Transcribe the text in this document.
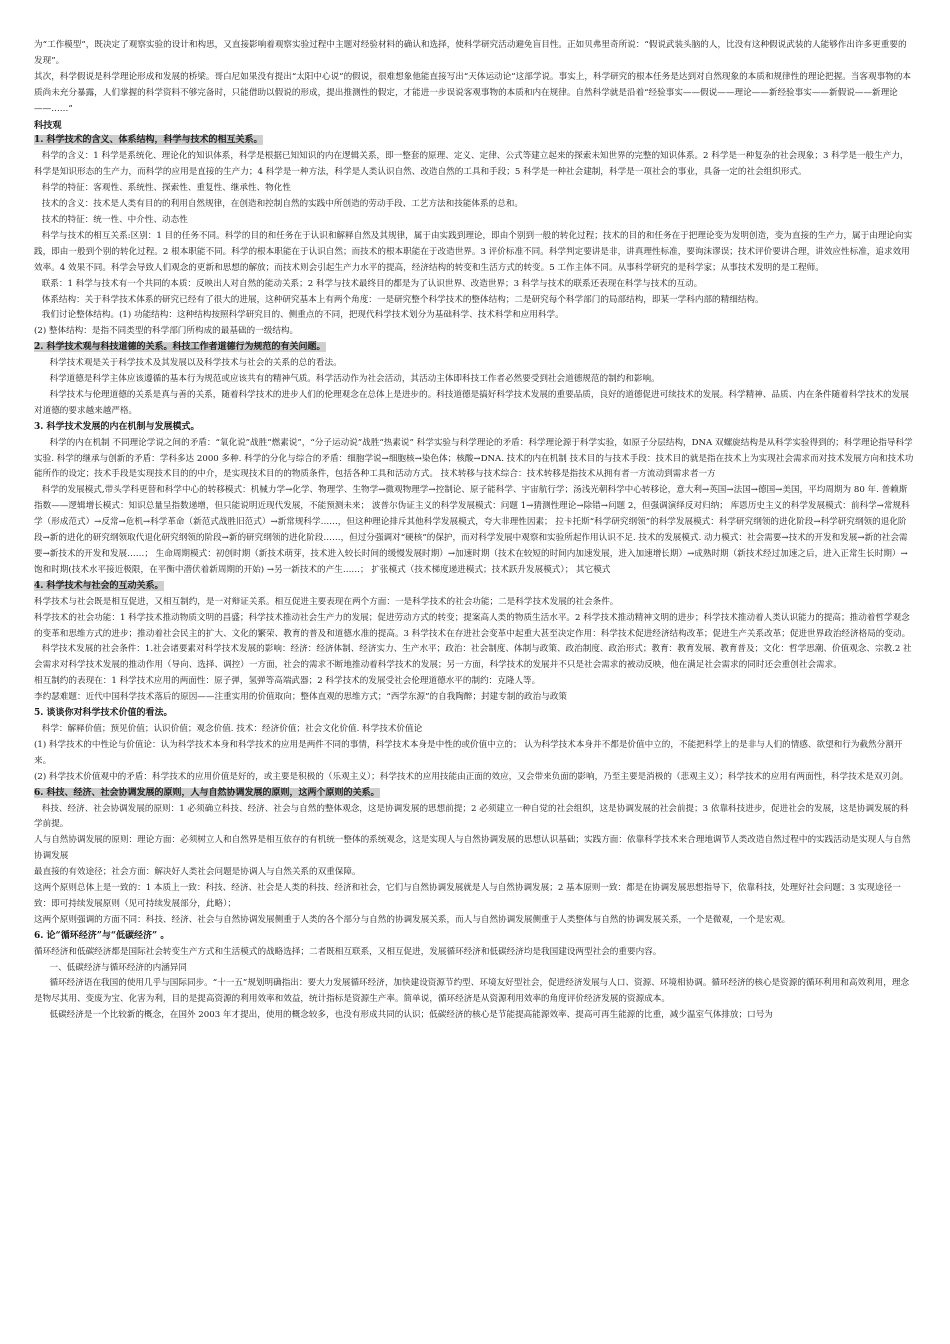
为“工作模型”，既决定了观察实验的设计和构思，又直接影响着观察实验过程中主题对经验材料的确认和选择，使科学研究活动避免盲目性。正如贝弗里奇所说：“假说武装头脑的人，比没有这种假说武装的人能够作出许多更重要的发现”。

其次，科学假说是科学理论形成和发展的桥梁。哥白尼如果没有提出“太阳中心说”的假说，很难想象他能直接写出“天体运动论”这部学说。事实上，科学研究的根本任务是达到对自然现象的本质和规律性的理论把握。当客观事物的本质尚未充分暴露，人们掌握的科学资料不够完备时，只能借助以假说的形成，提出推测性的假定，才能进一步误说客观事物的本质和内在规律。自然科学就是沿着“经验事实——假说——理论——新经验事实——新假说——新理论——……”

科技观

1. 科学技术的含义、体系结构，科学与技术的相互关系。

科学的含义：1 科学是系统化、理论化的知识体系，科学是根据已知知识的内在逻辑关系，即一整套的原理、定义、定律、公式等建立起来的探索未知世界的完整的知识体系。2 科学是一种复杂的社会现象；3 科学是一般生产力，科学是知识形态的生产力，而科学的应用是直接的生产力；4 科学是一种方法，科学是人类认识自然、改造自然的工具和手段；5 科学是一种社会建制，科学是一项社会的事业，具备一定的社会组织形式。

科学的特征：客观性、系统性、探索性、重复性、继承性、物化性

技术的含义：技术是人类有目的的利用自然规律，在创造和控制自然的实践中所创造的劳动手段、工艺方法和技能体系的总和。

技术的特征：统一性、中介性、动态性

科学与技术的相互关系:区别：1 目的任务不同。科学的目的和任务在于认识和解释自然及其规律，属于由实践到理论，即由个别到一般的转化过程；技术的目的和任务在于把理论变为发明创造，变为直接的生产力，属于由理论向实践，即由一般到个别的转化过程。2 根本职能不同。科学的根本职能在于认识自然；而技术的根本职能在于改造世界。3 评价标准不同。科学判定要讲是非，讲真理性标准，要询沫谬误；技术评价要讲合理，讲效应性标准，追求效用效率。4 效果不同。科学会导致人们观念的更新和思想的解放；而技术则会引起生产力水平的提高，经济结构的转变和生活方式的转变。5 工作主体不同。从事科学研究的是科学家；从事技术发明的是工程师。

联系：1 科学与技术有一个共同的本质：反映出人对自然的能动关系；2 科学与技术最终目的都是为了认识世界、改造世界；3 科学与技术的联系还表现在科学与技术的互动。

体系结构：关于科学技术体系的研究已经有了很大的进展，这种研究基本上有两个角度：一是研究整个科学技术的整体结构；二是研究每个科学部门的局部结构，即某一学科内部的精细结构。

我们讨论整体结构。(1) 功能结构：这种结构按照科学研究目的、侧重点的不同，把现代科学技术划分为基础科学、技术科学和应用科学。

(2) 整体结构：是指不同类型的科学部门所构成的最基础的一级结构。

2. 科学技术观与科技道德的关系。科技工作者道德行为规范的有关问题。

科学技术观是关于科学技术及其发展以及科学技术与社会的关系的总的看法。

科学道德是科学主体应该遵循的基本行为规范或应该共有的精神气质。科学活动作为社会活动，其活动主体即科技工作者必然要受到社会道德规范的制约和影响。

科学技术与伦理道德的关系是真与善的关系，随着科学技术的进步人们的伦理观念在总体上是进步的。科技道德是搞好科学技术发展的重要品质，良好的道德促进可续技术的发展。科学精神、品质、内在条件随着科学技术的发展对道德的要求越来越严格。

3. 科学技术发展的内在机制与发展模式。

科学的内在机制 不同理论学说之间的矛盾：“氧化说”战胜“燃素说”，“分子运动说”战胜“热素说” 科学实验与科学理论的矛盾：科学理论源于科学实验，如原子分层结构，DNA 双螺旋结构是从科学实验得到的；科学理论指导科学实验. 科学的继承与创新的矛盾：学科多达 2000 多种. 科学的分化与综合的矛盾：细胞学说→细胞核→染色体；核酸→DNA. 技术的内在机制 技术目的与技术手段：技术目的就是指在技术上为实现社会需求而对技术发展方向和技术功能所作的设定；技术手段是实现技术目的的中介，是实现技术目的的物质条件，包括各种工具和活动方式。 技术转移与技术综合：技术转移是指技术从拥有者一方流动到需求者一方

科学的发展模式,带头学科更替和科学中心的转移模式：机械力学→化学、物理学、生物学→微观物理学→控制论、原子能科学、宇宙航行学；汤浅光朝科学中心转移论，意大利→英国→法国→德国→美国，平均周期为 80 年. 普赖斯指数——逻辑增长模式：知识总量呈指数递增，但只能说明近现代发展，不能预测未来； 波普尔伪证主义的科学发展模式：问题 1→猜测性理论→除错→问题 2，但强调演绎反对归纳； 库恩历史主义的科学发展模式：前科学→常规科学（形成范式）→反常→危机→科学革命（新范式战胜旧范式）→新常规科学……，但这种理论排斥其他科学发展模式，夸大非理性因素； 拉卡托斯“科学研究纲领”的科学发展模式：科学研究纲领的进化阶段→科学研究纲领的退化阶段→新的进化的研究纲领取代退化研究纲领的阶段→新的研究纲领的进化阶段……，但过分强调对“硬核”的保护，而对科学发展中观察和实验所起作用认识不足. 技术的发展模式. 动力模式：社会需要→技术的开发和发展→新的社会需要→新技术的开发和发展……； 生命周期模式：初创时期（新技术萌芽，技术进入较长时间的缓慢发展时期）→加速时期（技术在较短的时间内加速发展，进入加速增长期）→成熟时期（新技术经过加速之后，进入正常生长时期）→饱和时期(技术水平接近极限，在平衡中潜伏着新周期的开始) →另一新技术的产生……； 扩张模式（技术梯度递进模式；技术跃升发展模式）； 其它模式

4. 科学技术与社会的互动关系。

科学技术与社会既是相互促进，又相互制约，是一对辩证关系。相互促进主要表现在两个方面：一是科学技术的社会功能；二是科学技术发展的社会条件。

科学技术的社会功能：1 科学技术推动物质文明的昌盛；科学技术推动社会生产力的发展；促进劳动方式的转变；提案高人类的物质生活水平。2 科学技术推动精神文明的进步；科学技术推动着人类认识能力的提高；推动着哲学观念的变革和思维方式的进步；推动着社会民主的扩大、文化的繁荣、教育的普及和道德水准的提高。3 科学技术在存进社会变革中起重大甚至决定作用：科学技术促进经济结构改革；促进生产关系改革；促进世界政治经济格局的变动。

科学技术发展的社会条件：1.社会诸要素对科学技术发展的影响：经济：经济体制、经济实力、生产水平；政治：社会制度、体制与政策、政治制度、政治形式；教育：教育发展、教育普及；文化：哲学思潮、价值观念、宗教.2 社会需求对科学技术发展的推动作用（导向、选择、调控）一方面，社会的需求不断地推动着科学技术的发展；另一方面，科学技术的发展并不只是社会需求的被动反映，他在满足社会需求的同时还会重创社会需求。

相互制约的表现在：1 科学技术应用的两面性：原子弹，氢弹等高端武器；2 科学技术的发展受社会伦理道德水平的制约：克隆人等。

李约瑟难题：近代中国科学技术落后的原因——注重实用的价值取向；整体直观的思维方式；“西学东源”的自我陶醉；封建专制的政治与政策

5. 谈谈你对科学技术价值的看法。

科学：解释价值；预见价值；认识价值；观念价值. 技术：经济价值；社会文化价值. 科学技术价值论

(1) 科学技术的中性论与价值论：认为科学技术本身和科学技术的应用是两件不同的事情，科学技术本身是中性的或价值中立的； 认为科学技术本身并不都是价值中立的，不能把科学上的是非与人们的情感、欲望和行为截然分割开来。

(2) 科学技术价值观中的矛盾：科学技术的应用价值是好的，或主要是积极的（乐观主义）；科学技术的应用技能由正面的效应，又会带来负面的影响，乃至主要是消极的（悲观主义）；科学技术的应用有两面性，科学技术是双刃剑。

6. 科技、经济、社会协调发展的原则，人与自然协调发展的原则，这两个原则的关系。

科技、经济、社会协调发展的原则：1 必须确立科技、经济、社会与自然的整体观念，这是协调发展的思想前提；2 必须建立一种自觉的社会组织，这是协调发展的社会前提；3 依靠科技进步，促进社会的发展，这是协调发展的科学前提。

人与自然协调发展的原则：理论方面：必须树立人和自然界是相互依存的有机统一整体的系统观念，这是实现人与自然协调发展的思想认识基础；实践方面：依靠科学技术来合理地调节人类改造自然过程中的实践活动是实现人与自然协调发展

最直接的有效途径；社会方面：解决好人类社会问题是协调人与自然关系的双重保障。

这两个原则总体上是一致的：1 本质上一致：科技、经济、社会是人类的科技、经济和社会，它们与自然协调发展就是人与自然协调发展；2 基本原则一致：都是在协调发展思想指导下，依靠科技，处理好社会问题；3 实现途径一致：即可持续发展原则（见可持续发展部分，此略）；

这两个原则强调的方面不同：科技、经济、社会与自然协调发展侧重于人类的各个部分与自然的协调发展关系，而人与自然协调发展侧重于人类整体与自然的协调发展关系，一个是微观，一个是宏观。

6. 论“循环经济”与“低碳经济” 。

循环经济和低碳经济都是国际社会转变生产方式和生活模式的战略选择；二者既相互联系，又相互促进，发展循环经济和低碳经济均是我国建设两型社会的重要内容。

一、低碳经济与循环经济的内涵异同

循环经济语在我国的使用几乎与国际同步。“十一五”规划明确指出：要大力发展循环经济，加快建设资源节约型、环境友好型社会，促进经济发展与人口、资源、环境相协调。循环经济的核心是资源的循环利用和高效利用，理念是物尽其用、变废为宝、化害为利，目的是提高资源的利用效率和效益，统计指标是资源生产率。简单说，循环经济是从资源利用效率的角度评价经济发展的资源成本。

低碳经济是一个比较新的概念，在国外 2003 年才提出，使用的概念较多，也没有形成共同的认识；低碳经济的核心是节能提高能源效率、提高可再生能源的比重，减少温室气体排放；口号为
